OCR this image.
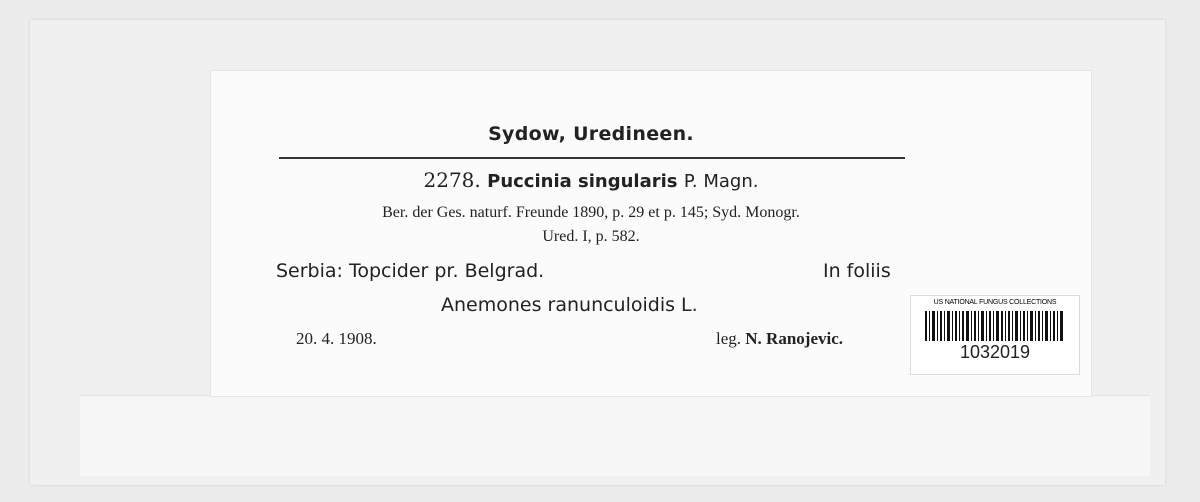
Sydow, Uredineen.
2278. Puccinia singularis P. Magn.
Ber. der Ges. naturf. Freunde 1890, p. 29 et p. 145; Syd. Monogr.
Ured. I, p. 582.
Serbia: Topcider pr. Belgrad.	In foliis
Anemones ranunculoidis L.
20. 4. 1908.	leg. N. Ranojevic.
US NATIONAL FUNGUS COLLECTIONS
1032019
